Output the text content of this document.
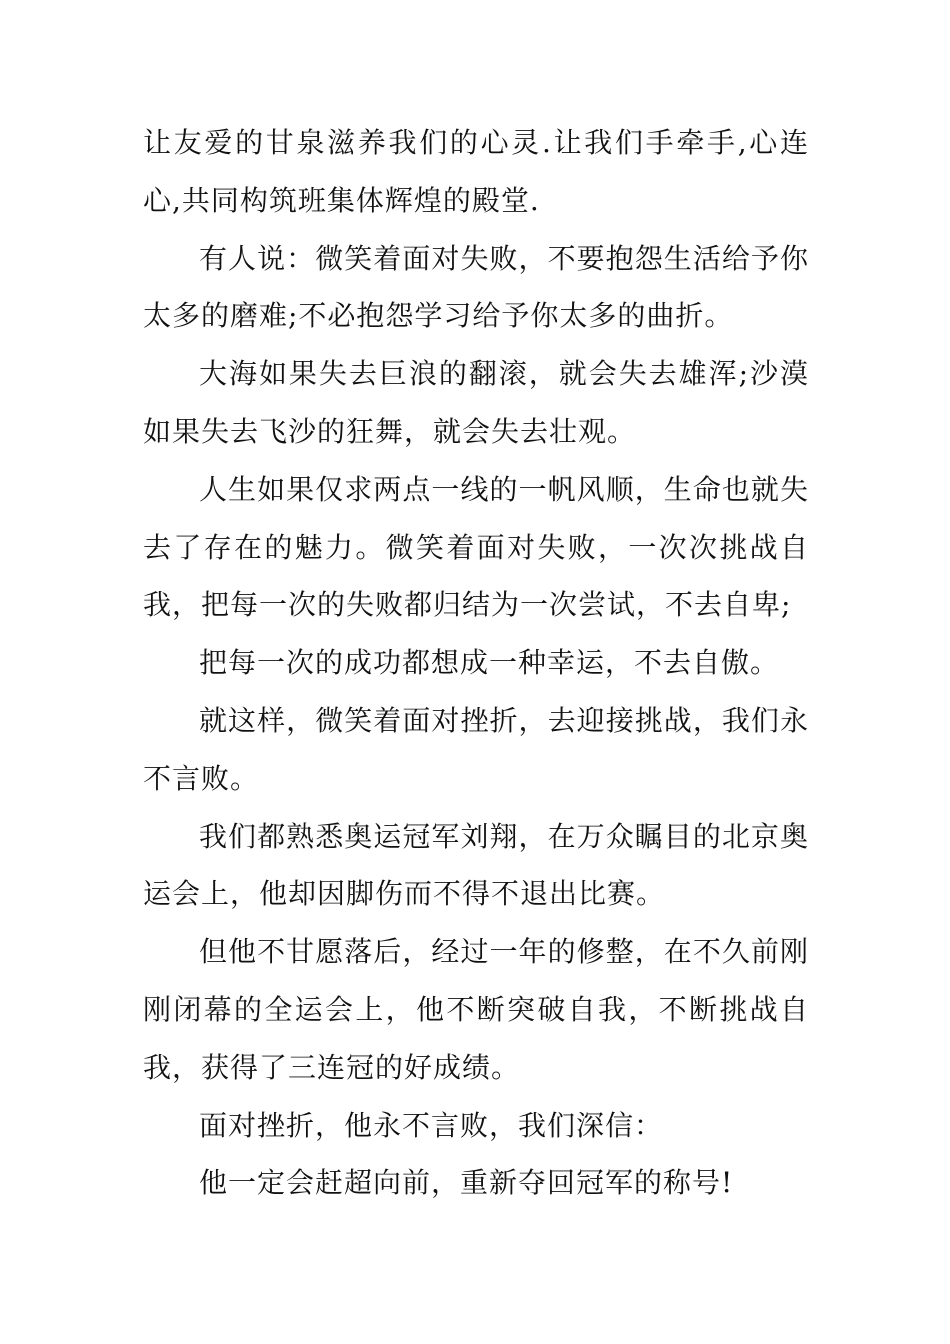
让友爱的甘泉滋养我们的心灵.让我们手牵手,心连心,共同构筑班集体辉煌的殿堂.

有人说：微笑着面对失败，不要抱怨生活给予你太多的磨难;不必抱怨学习给予你太多的曲折。

大海如果失去巨浪的翻滚，就会失去雄浑;沙漠如果失去飞沙的狂舞，就会失去壮观。

人生如果仅求两点一线的一帆风顺，生命也就失去了存在的魅力。微笑着面对失败，一次次挑战自我，把每一次的失败都归结为一次尝试，不去自卑;

把每一次的成功都想成一种幸运，不去自傲。

就这样，微笑着面对挫折，去迎接挑战，我们永不言败。

我们都熟悉奥运冠军刘翔，在万众瞩目的北京奥运会上，他却因脚伤而不得不退出比赛。

但他不甘愿落后，经过一年的修整，在不久前刚刚闭幕的全运会上，他不断突破自我，不断挑战自我，获得了三连冠的好成绩。

面对挫折，他永不言败，我们深信：

他一定会赶超向前，重新夺回冠军的称号!
